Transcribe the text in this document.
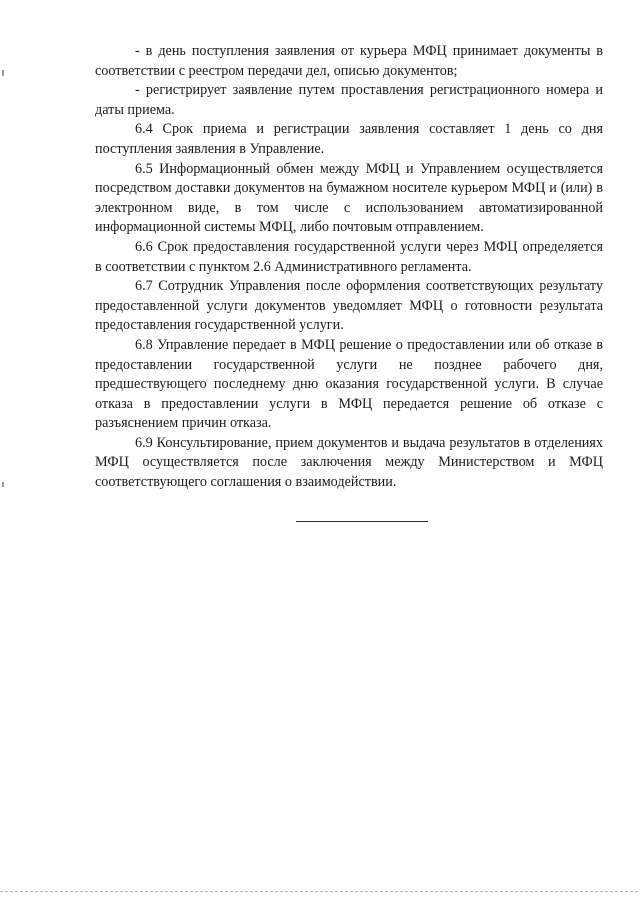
- в день поступления заявления от курьера МФЦ принимает документы в соответствии с реестром передачи дел, описью документов;

- регистрирует заявление путем проставления регистрационного номера и даты приема.

6.4 Срок приема и регистрации заявления составляет 1 день со дня поступления заявления в Управление.

6.5 Информационный обмен между МФЦ и Управлением осуществляется посредством доставки документов на бумажном носителе курьером МФЦ и (или) в электронном виде, в том числе с использованием автоматизированной информационной системы МФЦ, либо почтовым отправлением.

6.6 Срок предоставления государственной услуги через МФЦ определяется в соответствии с пунктом 2.6 Административного регламента.

6.7 Сотрудник Управления после оформления соответствующих результату предоставленной услуги документов уведомляет МФЦ о готовности результата предоставления государственной услуги.

6.8 Управление передает в МФЦ решение о предоставлении или об отказе в предоставлении государственной услуги не позднее рабочего дня, предшествующего последнему дню оказания государственной услуги. В случае отказа в предоставлении услуги в МФЦ передается решение об отказе с разъяснением причин отказа.

6.9 Консультирование, прием документов и выдача результатов в отделениях МФЦ осуществляется после заключения между Министерством и МФЦ соответствующего соглашения о взаимодействии.
